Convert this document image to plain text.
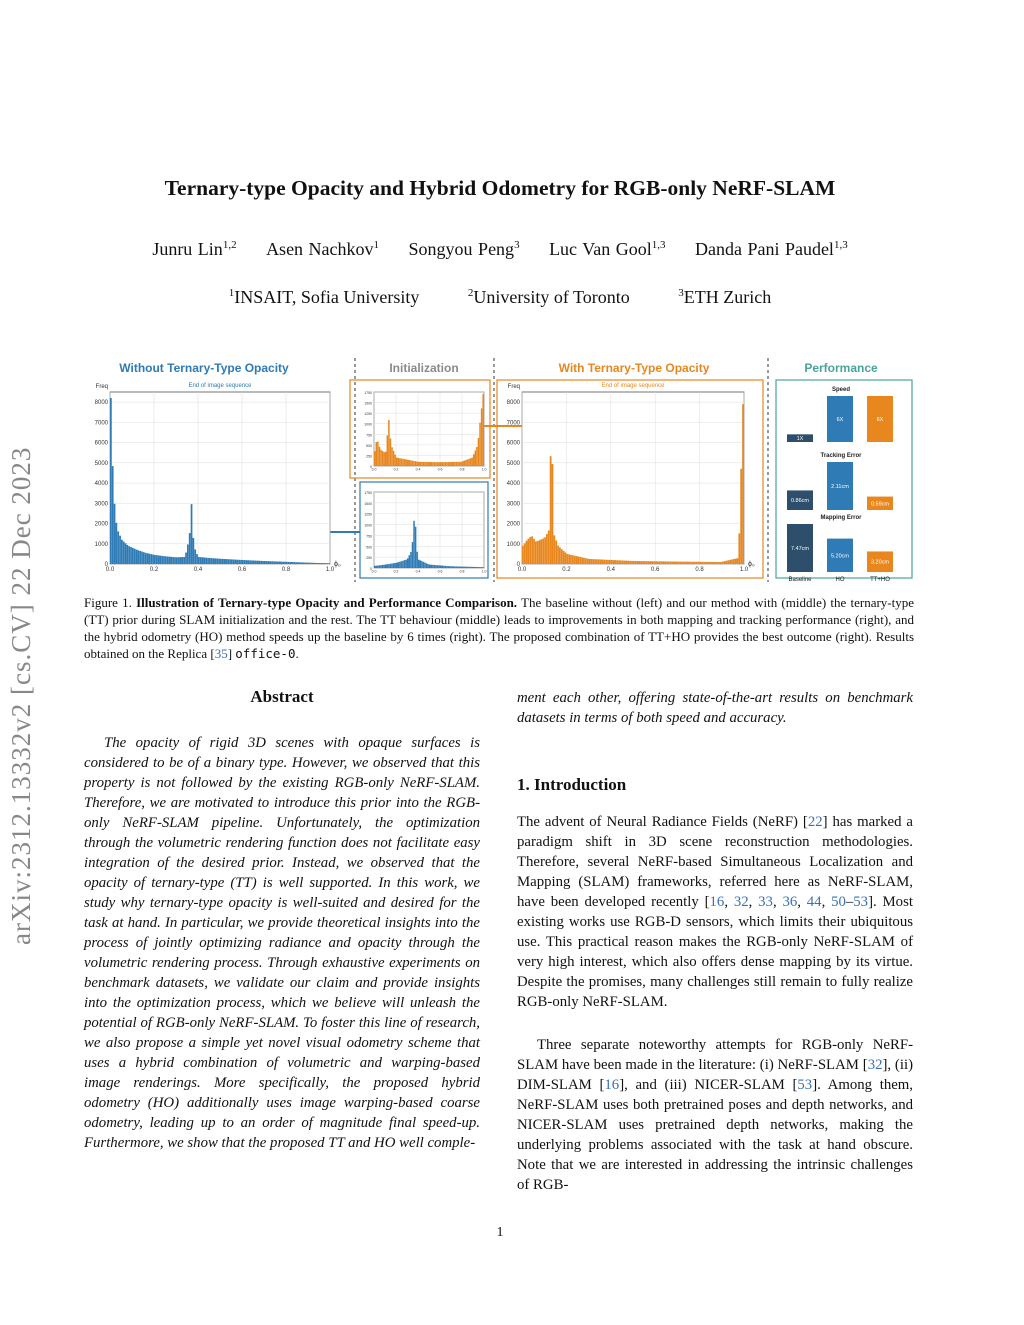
Ternary-type Opacity and Hybrid Odometry for RGB-only NeRF-SLAM
Junru Lin$^{1,2}$ Asen Nachkov$^1$ Songyou Peng$^3$ Luc Van Gool$^{1,3}$ Danda Pani Paudel$^{1,3}$
$^1$INSAIT, Sofia University	$^2$University of Toronto	$^3$ETH Zurich
arXiv:2312.13332v2 [cs.CV] 22 Dec 2023
Without Ternary-Type Opacity	Initialization	With Ternary-Type Opacity	Performance
0
1000
2000
3000
4000
5000
6000
7000
8000
0.0	0.2	0.4	0.6	0.8	1.0
Freq
ϕ₀
End of image sequence
1750
1500
1250
1000
750
500
250
0
0.0	0.2	0.4	0.6	0.8	1.0
1750
1500
1250
1000
750
500
250
0
0.0	0.2	0.4	0.6	0.8	1.0
0
1000
2000
3000
4000
5000
6000
7000
8000
0.0	0.2	0.4	0.6	0.8	1.0
Freq
ϕ₀
End of image sequence
Speed
1X
6X	6X
Tracking Error
0.86cm
2.11cm
0.59cm
Mapping Error
7.47cm
5.20cm
3.20cm
Baseline	HO	TT+HO
Figure 1. Illustration of Ternary-type Opacity and Performance Comparison. The baseline without (left) and our method with (middle) the ternary-type (TT) prior during SLAM initialization and the rest. The TT behaviour (middle) leads to improvements in both mapping and tracking performance (right), and the hybrid odometry (HO) method speeds up the baseline by 6 times (right). The proposed combination of TT+HO provides the best outcome (right). Results obtained on the Replica [35] office-0.
Abstract
The opacity of rigid 3D scenes with opaque surfaces is considered to be of a binary type. However, we observed that this property is not followed by the existing RGB-only NeRF-SLAM. Therefore, we are motivated to introduce this prior into the RGB-only NeRF-SLAM pipeline. Unfortunately, the optimization through the volumetric rendering function does not facilitate easy integration of the desired prior. Instead, we observed that the opacity of ternary-type (TT) is well supported. In this work, we study why ternary-type opacity is well-suited and desired for the task at hand. In particular, we provide theoretical insights into the process of jointly optimizing radiance and opacity through the volumetric rendering process. Through exhaustive experiments on benchmark datasets, we validate our claim and provide insights into the optimization process, which we believe will unleash the potential of RGB-only NeRF-SLAM. To foster this line of research, we also propose a simple yet novel visual odometry scheme that uses a hybrid combination of volumetric and warping-based image renderings. More specifically, the proposed hybrid odometry (HO) additionally uses image warping-based coarse odometry, leading up to an order of magnitude final speed-up. Furthermore, we show that the proposed TT and HO well comple-
ment each other, offering state-of-the-art results on benchmark datasets in terms of both speed and accuracy.
1. Introduction
The advent of Neural Radiance Fields (NeRF) [22] has marked a paradigm shift in 3D scene reconstruction methodologies. Therefore, several NeRF-based Simultaneous Localization and Mapping (SLAM) frameworks, referred here as NeRF-SLAM, have been developed recently [16, 32, 33, 36, 44, 50–53]. Most existing works use RGB-D sensors, which limits their ubiquitous use. This practical reason makes the RGB-only NeRF-SLAM of very high interest, which also offers dense mapping by its virtue. Despite the promises, many challenges still remain to fully realize RGB-only NeRF-SLAM.
Three separate noteworthy attempts for RGB-only NeRF-SLAM have been made in the literature: (i) NeRF-SLAM [32], (ii) DIM-SLAM [16], and (iii) NICER-SLAM [53]. Among them, NeRF-SLAM uses both pretrained poses and depth networks, and NICER-SLAM uses pretrained depth networks, making the underlying problems associated with the task at hand obscure. Note that we are interested in addressing the intrinsic challenges of RGB-
1
